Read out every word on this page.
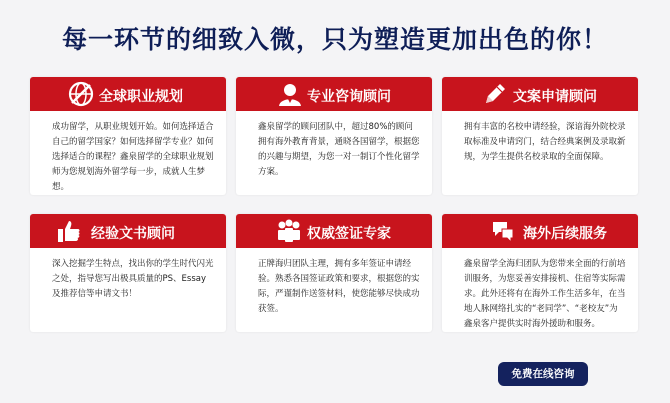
每一环节的细致入微，只为塑造更加出色的你！
全球职业规划
成功留学，从职业规划开始。如何选择适合自己的留学国家？如何选择留学专业？如何选择适合的课程？鑫泉留学的全球职业规划师为您规划海外留学每一步，成就人生梦想。
专业咨询顾问
鑫泉留学的顾问团队中，超过80%的顾问拥有海外教育背景，通晓各国留学，根据您的兴趣与期望，为您一对一制订个性化留学方案。
文案申请顾问
拥有丰富的名校申请经验，深谙海外院校录取标准及申请窍门，结合经典案例及录取新规，为学生提供名校录取的全面保障。
经验文书顾问
深入挖掘学生特点，找出你的学生时代闪光之处，指导您写出极具质量的PS、Essay及推荐信等申请文书！
权威签证专家
正牌海归团队主理，拥有多年签证申请经验。熟悉各国签证政策和要求，根据您的实际，严谨制作送签材料，使您能够尽快成功获签。
海外后续服务
鑫泉留学全海归团队为您带来全面的行前培训服务，为您妥善安排接机、住宿等实际需求。此外还将有在海外工作生活多年，在当地人脉网络扎实的“老同学”、“老校友”为鑫泉客户提供实时海外援助和服务。
免费在线咨询
